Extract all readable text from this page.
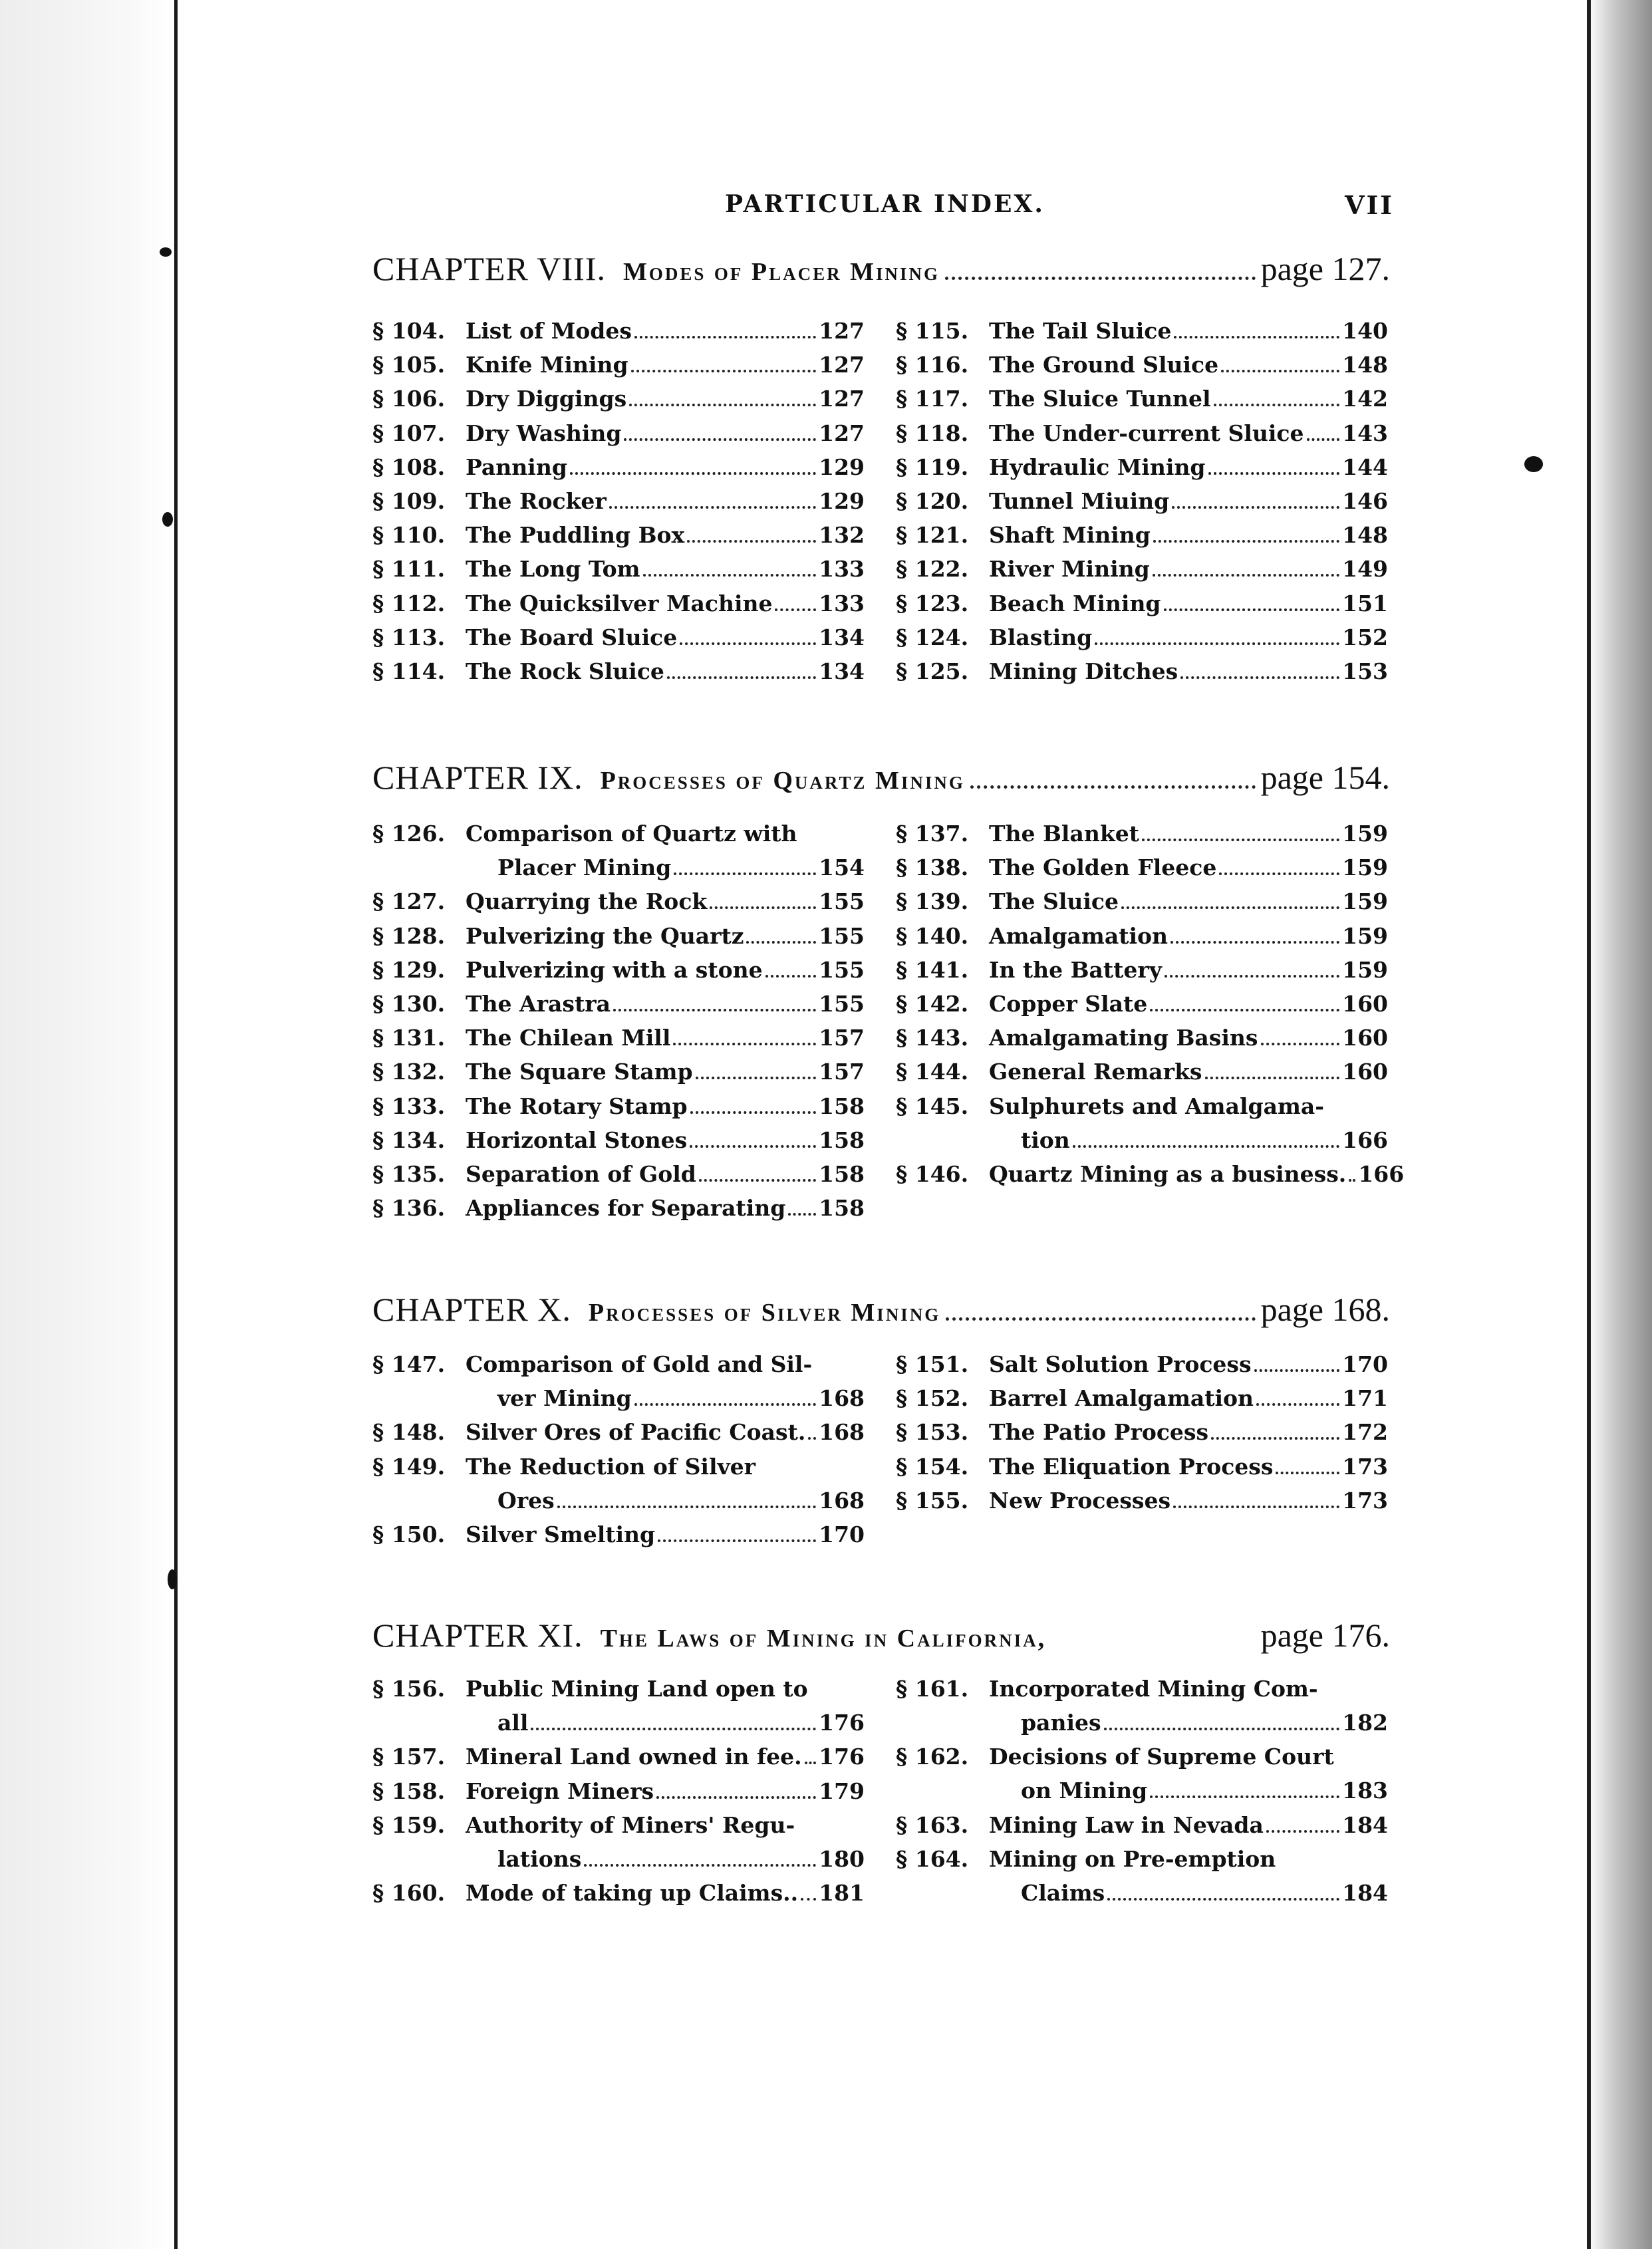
PARTICULAR INDEX.	VII
CHAPTER VIII. Modes of Placer Mining	page 127.
§ 104. List of Modes	127
§ 105. Knife Mining	127
§ 106. Dry Diggings	127
§ 107. Dry Washing	127
§ 108. Panning	129
§ 109. The Rocker	129
§ 110. The Puddling Box	132
§ 111. The Long Tom	133
§ 112. The Quicksilver Machine 133
§ 113. The Board Sluice	134
§ 114. The Rock Sluice	134
§ 115. The Tail Sluice	140
§ 116. The Ground Sluice	148
§ 117. The Sluice Tunnel	142
§ 118. The Under-current Sluice 143
§ 119. Hydraulic Mining	144
§ 120. Tunnel Miuing	146
§ 121. Shaft Mining	148
§ 122. River Mining	149
§ 123. Beach Mining	151
§ 124. Blasting	152
§ 125. Mining Ditches	153
CHAPTER IX. Processes of Quartz Mining	page 154.
§ 126. Comparison of Quartz with
Placer Mining	154
§ 127. Quarrying the Rock	155
§ 128. Pulverizing the Quartz	155
§ 129. Pulverizing with a stone	155
§ 130. The Arastra	155
§ 131. The Chilean Mill	157
§ 132. The Square Stamp	157
§ 133. The Rotary Stamp	158
§ 134. Horizontal Stones	158
§ 135. Separation of Gold	158
§ 136. Appliances for Separating 158
§ 137. The Blanket	159
§ 138. The Golden Fleece	159
§ 139. The Sluice	159
§ 140. Amalgamation	159
§ 141. In the Battery	159
§ 142. Copper Slate	160
§ 143. Amalgamating Basins	160
§ 144. General Remarks	160
§ 145. Sulphurets and Amalgama-
tion	166
§ 146. Quartz Mining as a business. 166
CHAPTER X. Processes of Silver Mining	page 168.
§ 147. Comparison of Gold and Sil-
ver Mining	168
§ 148. Silver Ores of Pacific Coast. 168
§ 149. The Reduction of Silver
Ores	168
§ 150. Silver Smelting	170
§ 151. Salt Solution Process	170
§ 152. Barrel Amalgamation	171
§ 153. The Patio Process	172
§ 154. The Eliquation Process	173
§ 155. New Processes	173
CHAPTER XI. The Laws of Mining in California,	page 176.
§ 156. Public Mining Land open to
all	176
§ 157. Mineral Land owned in fee. 176
§ 158. Foreign Miners	179
§ 159. Authority of Miners' Regu-
lations	180
§ 160. Mode of taking up Claims.. 181
§ 161. Incorporated Mining Com-
panies	182
§ 162. Decisions of Supreme Court
on Mining	183
§ 163. Mining Law in Nevada	184
§ 164. Mining on Pre-emption
Claims	184
